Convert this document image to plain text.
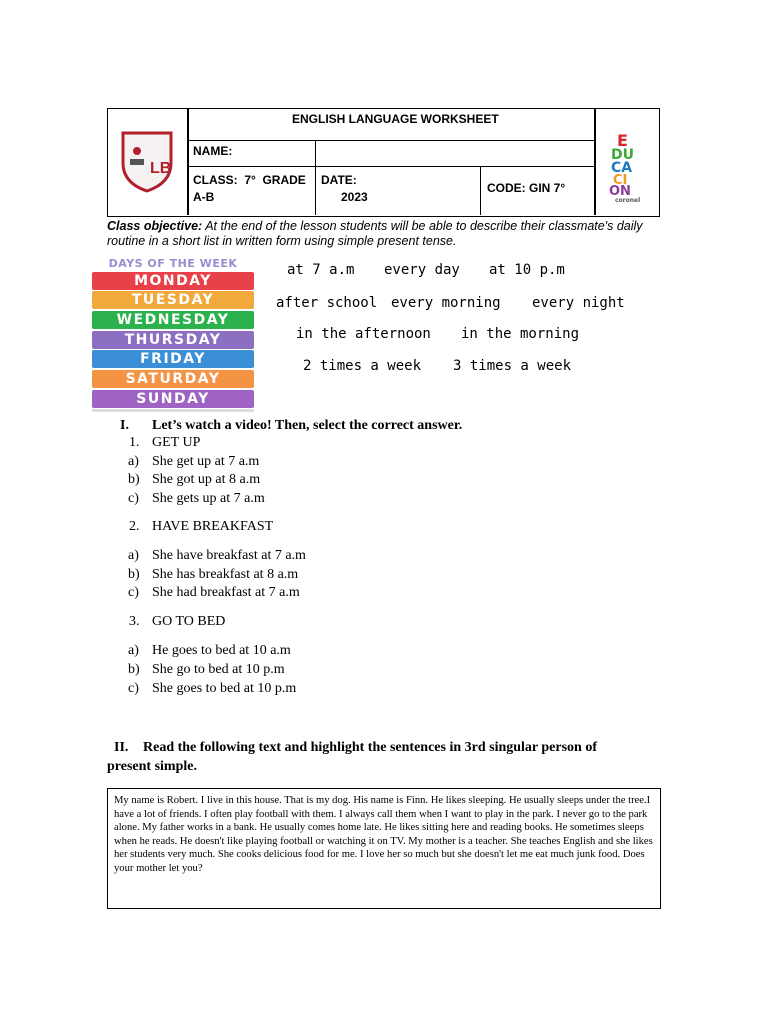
LB
ENGLISH LANGUAGE WORKSHEET
NAME:
CLASS:  7°  GRADE
A-B
DATE:
2023
CODE: GIN 7°
E
DU
CA
CI
ON
coronel
Class objective: At the end of the lesson students will be able to describe their classmate's daily routine in a short list in written form using simple present tense.
DAYS OF THE WEEK
MONDAY
TUESDAY
WEDNESDAY
THURSDAY
FRIDAY
SATURDAY
SUNDAY
at 7 a.m every day at 10 p.m
after school every morning every night
in the afternoon in the morning
2 times a week 3 times a week
I. Let’s watch a video! Then, select the correct answer.
1. GET UP
a) She get up at 7 a.m
b) She got up at 8 a.m
c) She gets up at 7 a.m
2. HAVE BREAKFAST
a) She have breakfast at 7 a.m
b) She has breakfast at 8 a.m
c) She had breakfast at 7 a.m
3. GO TO BED
a) He goes to bed at 10 a.m
b) She go to bed at 10 p.m
c) She goes to bed at 10 p.m
II. Read the following text and highlight the sentences in 3rd singular person of
present simple.
My name is Robert. I live in this house. That is my dog. His name is Finn. He likes sleeping. He usually sleeps under the tree.I have a lot of friends. I often play football with them. I always call them when I want to play in the park. I never go to the park alone. My father works in a bank. He usually comes home late. He likes sitting here and reading books. He sometimes sleeps when he reads. He doesn't like playing football or watching it on TV. My mother is a teacher. She teaches English and she likes her students very much. She cooks delicious food for me. I love her so much but she doesn't let me eat much junk food. Does your mother let you?
